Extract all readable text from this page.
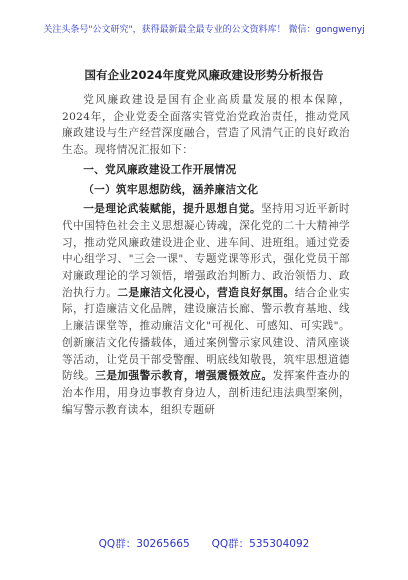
关注头条号"公文研究"，获得最新最全最专业的公文资料库！ 微信：gongwenyj
国有企业2024年度党风廉政建设形势分析报告

党风廉政建设是国有企业高质量发展的根本保障，2024年，企业党委全面落实管党治党政治责任，推动党风廉政建设与生产经营深度融合，营造了风清气正的良好政治生态。现将情况汇报如下：

一、党风廉政建设工作开展情况

（一）筑牢思想防线，涵养廉洁文化

一是理论武装赋能，提升思想自觉。坚持用习近平新时代中国特色社会主义思想凝心铸魂，深化党的二十大精神学习，推动党风廉政建设进企业、进车间、进班组。通过党委中心组学习、"三会一课"、专题党课等形式，强化党员干部对廉政理论的学习领悟，增强政治判断力、政治领悟力、政治执行力。二是廉洁文化浸心，营造良好氛围。结合企业实际，打造廉洁文化品牌，建设廉洁长廊、警示教育基地、线上廉洁课堂等，推动廉洁文化"可视化、可感知、可实践"。创新廉洁文化传播载体，通过案例警示家风建设、清风座谈等活动，让党员干部受警醒、明底线知敬畏，筑牢思想道德防线。三是加强警示教育，增强震慑效应。发挥案件查办的治本作用，用身边事教育身边人，剖析违纪违法典型案例，编写警示教育读本，组织专题研

QQ群：30265665 QQ群：535304092
